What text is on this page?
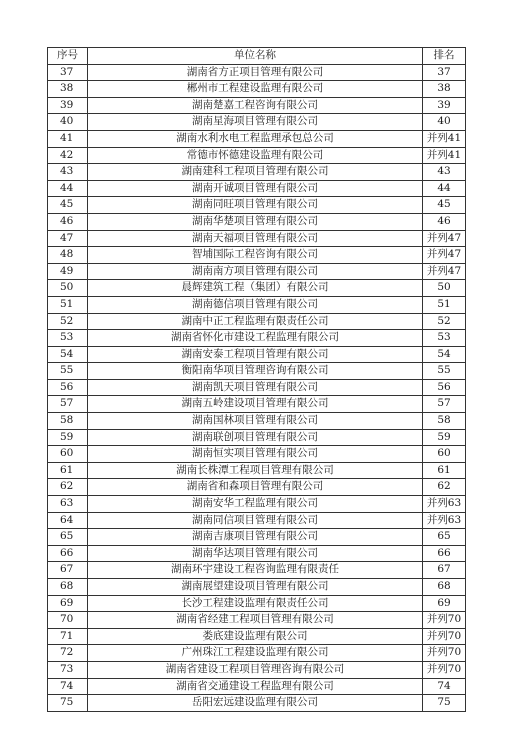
序号	单位名称	排名
37	湖南省方正项目管理有限公司	37
38	郴州市工程建设监理有限公司	38
39	湖南楚嘉工程咨询有限公司	39
40	湖南星海项目管理有限公司	40
41	湖南水利水电工程监理承包总公司	并列41
42	常德市怀德建设监理有限公司	并列41
43	湖南建科工程项目管理有限公司	43
44	湖南开诚项目管理有限公司	44
45	湖南同旺项目管理有限公司	45
46	湖南华楚项目管理有限公司	46
47	湖南天福项目管理有限公司	并列47
48	智埔国际工程咨询有限公司	并列47
49	湖南南方项目管理有限公司	并列47
50	晨辉建筑工程（集团）有限公司	50
51	湖南德信项目管理有限公司	51
52	湖南中正工程监理有限责任公司	52
53	湖南省怀化市建设工程监理有限公司	53
54	湖南安泰工程项目管理有限公司	54
55	衡阳南华项目管理咨询有限公司	55
56	湖南凯天项目管理有限公司	56
57	湖南五岭建设项目管理有限公司	57
58	湖南国林项目管理有限公司	58
59	湖南联创项目管理有限公司	59
60	湖南恒实项目管理有限公司	60
61	湖南长株潭工程项目管理有限公司	61
62	湖南省和森项目管理有限公司	62
63	湖南安华工程监理有限公司	并列63
64	湖南同信项目管理有限公司	并列63
65	湖南吉康项目管理有限公司	65
66	湖南华达项目管理有限公司	66
67	湖南环宇建设工程咨询监理有限责任	67
68	湖南展望建设项目管理有限公司	68
69	长沙工程建设监理有限责任公司	69
70	湖南省经建工程项目管理有限公司	并列70
71	娄底建设监理有限公司	并列70
72	广州珠江工程建设监理有限公司	并列70
73	湖南省建设工程项目管理咨询有限公司	并列70
74	湖南省交通建设工程监理有限公司	74
75	岳阳宏远建设监理有限公司	75
